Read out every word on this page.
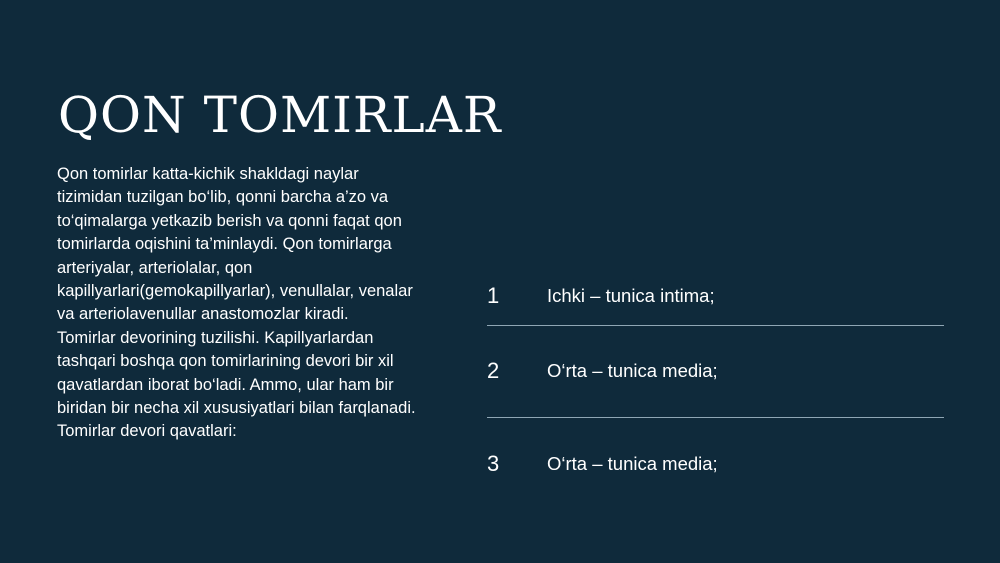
QON TOMIRLAR

Qon tomirlar katta-kichik shakldagi naylar
tizimidan tuzilgan bo‘lib, qonni barcha a’zo va
to‘qimalarga yetkazib berish va qonni faqat qon
tomirlarda oqishini ta’minlaydi. Qon tomirlarga
arteriyalar, arteriolalar, qon
kapillyarlari(gemokapillyarlar), venullalar, venalar
va arteriolavenullar anastomozlar kiradi.
Tomirlar devorining tuzilishi. Kapillyarlardan
tashqari boshqa qon tomirlarining devori bir xil
qavatlardan iborat bo‘ladi. Ammo, ular ham bir
biridan bir necha xil xususiyatlari bilan farqlanadi.
Tomirlar devori qavatlari:

1	Ichki – tunica intima;
2	O‘rta – tunica media;
3	O‘rta – tunica media;
